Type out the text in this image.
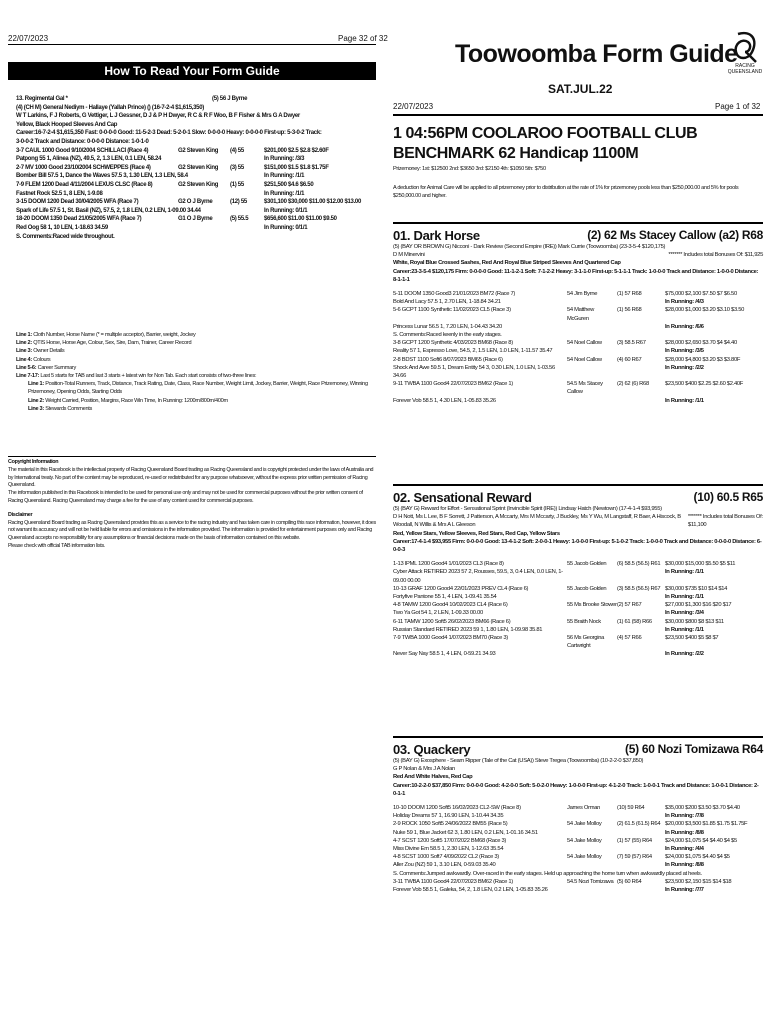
22/07/2023	Page 32 of 32
How To Read Your Form Guide
13. Regimental Gal *	(5) 56 J Byrne
(4) (CH M) General Nediym - Hallaye (Yallah Prince) () (16-7-2-4 $1,615,350)
W T Larkins, F J Roberts, G Vettiger, L J Gessner, D J & P H Dwyer, R C & R F Woo, B F Fisher & Mrs G A Dwyer
Yellow, Black Hooped Sleeves And Cap
Career:16-7-2-4 $1,615,350 Fast: 0-0-0-0 Good: 11-5-2-3 Dead: 5-2-0-1 Slow: 0-0-0-0 Heavy: 0-0-0-0 First-up: 5-3-0-2 Track:
3-0-0-2 Track and Distance: 0-0-0-0 Distance: 1-0-1-0
3-7 CAUL 1000 Good 9/10/2004 SCHILLACI (Race 4)	G2 Steven King	(4) 55	$201,000 $2.5 $2.8 $2.60F
Patpong 55 1, Alinea (NZ), 49.5, 2, 1.3 LEN, 0.1 LEN, 58.24	In Running: /3/3
2-7 MV 1000 Good 23/10/2004 SCHWEPPES (Race 4)	G2 Steven King	(3) 55	$151,000 $1.5 $1.8 $1.75F
Bomber Bill 57.5 1, Dance the Waves 57.5 3, 1.30 LEN, 1.3 LEN, 58.4	In Running: /1/1
7-9 FLEM 1200 Dead 4/11/2004 LEXUS CLSC (Race 8)	G2 Steven King	(1) 55	$251,500 $4.6 $6.50
Fastnet Rock 52.5 1, 8 LEN, 1-9.08	In Running: /1/1
3-15 DOOM 1200 Dead 30/04/2005 WFA (Race 7)	G2 O J Byrne	(12) 55	$301,100 $30,000 $11.00 $12.00 $13.00
Spark of Life 57.5 1, St. Basil (NZ), 57.5, 2, 1.8 LEN, 0.2 LEN, 1-09.00 34.44	In Running: 0/1/1
18-20 DOOM 1350 Dead 21/05/2005 WFA (Race 7)	G1 O J Byrne	(5) 55.5	$656,600 $11.00 $11.00 $9.50
Red Oog 58 1, 10 LEN, 1-18.63 34.59	In Running: 0/1/1
S. Comments:Raced wide throughout.
Line 1: Cloth Number, Horse Name (* = multiple acceptor), Barrier, weight, Jockey
Line 2: QTIS Horse, Horse Age, Colour, Sex, Sire, Dam, Trainer, Career Record
Line 3: Owner Details
Line 4: Colours
Line 5-6: Career Summary
Line 7-17: Last 5 starts for TAB and last 3 starts + latest win for Non Tab. Each start consists of two-three lines:
Line 1: Position-Total Runners, Track, Distance, Track Rating, Date, Class, Race Number, Weight Limit, Jockey, Barrier, Weight, Race Prizemoney, Winning Prizemoney, Opening Odds, Starting Odds
Line 2: Weight Carried, Position, Margins, Race Win Time, In Running: 1200m/800m/400m
Line 3: Stewards Comments
Copyright Information
The material in this Racebook is the intellectual property of Racing Queensland Board trading as Racing Queensland and is copyright protected under the laws of Australia and by International treaty. No part of the content may be reproduced, re-used or redistributed for any purpose whatsoever, without the express prior written permission of Racing Queensland.
The information published in this Racebook is intended to be used for personal use only and may not be used for commercial purposes without the prior written consent of Racing Queensland. Racing Queensland may charge a fee for the use of any content used for commercial purposes.
Disclaimer
Racing Queensland Board trading as Racing Queensland provides this as a service to the racing industry and has taken care in compiling this race information, however, it does not warrant its accuracy and will not be held liable for errors and omissions in the information provided. The information is provided for entertainment purposes only and Racing Queensland accepts no responsibility for any assumptions or financial decisions made on the basis of information contained on this website.
Please check with official TAB information lists.
Toowoomba Form Guide
RACING QUEENSLAND
SAT.JUL.22
22/07/2023	Page 1 of 32
1 04:56PM COOLAROO FOOTBALL CLUB BENCHMARK 62 Handicap 1100M
Prizemoney: 1st: $12500 2nd: $3650 3rd: $2150 4th: $1050 5th: $750
A deduction for Animal Care will be applied to all prizemoney prior to distribution at the rate of 1% for prizemoney pools less than $250,000.00 and 5% for pools $250,000.00 and higher.
01. Dark Horse	(2) 62 Ms Stacey Callow (a2) R68
(5) (BAY OR BROWN G) Nicconi - Dark Review (Second Empire (IRE)) Mark Currie (Toowoomba) (23-3-5-4 $120,175)
D M Minervini	******* Includes total Bonuses Of: $11,925
White, Royal Blue Crossed Sashes, Red And Royal Blue Striped Sleeves And Quartered Cap
Career:23-3-5-4 $120,175 Firm: 0-0-0-0 Good: 11-1-2-1 Soft: 7-1-2-2 Heavy: 3-1-1-0 First-up: 5-1-1-1 Track: 1-0-0-0 Track and Distance: 1-0-0-0 Distance: 8-1-1-1
5-11 DOOM 1350 Good3 21/01/2023 BM72 (Race 7)	54 Jim Byrne	(1) 57 R68	$75,000 $2,100 $7.50 $7 $6.50
Bold And Lacy 57.5 1, 2.70 LEN, 1-18.84 34.21	In Running: /4/3
5-6 GCPT 1100 Synthetic 11/02/2023 CL5 (Race 3)	54 Matthew McGuren
(1) 56 R68	$28,000 $1,000 $3.20 $3.10 $3.50
Princess Lunar 56.5 1, 7.20 LEN, 1-04.43 34.20	In Running: /6/6
S. Comments:Raced keenly in the early stages.
3-8 GCPT 1200 Synthetic 4/03/2023 BM68 (Race 8)	54 Noel Callow	(3) 58.5 R67	$28,000 $2,650 $3.70 $4 $4.40
Reality 57 1, Espresso Love, 54.5, 2, 1.5 LEN, 1.0 LEN, 1-11.57 35.47	In Running: /3/5
2-8 BDST 1100 Soft6 8/07/2023 BM65 (Race 6)	54 Noel Callow	(4) 60 R67	$28,000 $4,800 $3.20 $3 $3.80F
Shock And Awe 59.5 1, Dream Entity 54 3, 0.30 LEN, 1.0 LEN, 1-03.56 34.66
In Running: /2/2
9-11 TWBA 1100 Good4 22/07/2023 BM62 (Race 1)	54.5 Ms Stacey Callow
(2) 62 (6) R68	$23,500 $400 $2.25 $2.60 $2.40F
Forever Vob 58.5 1, 4.30 LEN, 1-05.83 35.26	In Running: /1/1
02. Sensational Reward	(10) 60.5 R65
(5) (BAY G) Reward for Effort - Sensational Sprint (Invincible Spirit (IRE)) Lindsay Hatch (Newtown) (17-4-1-4 $93,955)
D H Nott, Ms L Lee, B F Sorrett, J Patterson, A Mccarty, Mrs M Mccarty, J Buckley, Ms Y Wu, M Langstaff, R Baer, A Hiscock, B Woodall, N Willis & Mrs A L Gleeson
******* Includes total Bonuses Of: $11,100
Red, Yellow Stars, Yellow Sleeves, Red Stars, Red Cap, Yellow Stars
Career:17-4-1-4 $93,955 Firm: 0-0-0-0 Good: 13-4-1-2 Soft: 2-0-0-1 Heavy: 1-0-0-0 First-up: 5-1-0-2 Track: 1-0-0-0 Track and Distance: 0-0-0-0 Distance: 6-0-0-3
1-13 IPML 1200 Good4 1/01/2023 CL3 (Race 8)	55 Jacob Golden	(6) 58.5 (56.5) R61 $30,000 $15,000 $5.50 $5 $11
Cyber Attack RETIRED 2023 57 2, Rousses, 59.5, 3, 0.4 LEN, 0.0 LEN, 1-09.00 00.00
In Running: /1/1
10-13 GRAF 1200 Good4 22/01/2023 PREV CL4 (Race 6)	55 Jacob Golden	(3) 58.5 (56.5) R67 $30,000 $735 $10 $14 $14
Fortyfive Pantone 55 1, 4 LEN, 1-09.41 35.54	In Running: /1/1
4-8 TAMW 1200 Good4 10/02/2023 CL4 (Race 6)	55 Ms Brooke Stower (2) 57 R67	$27,000 $1,300 $16 $20 $17
Two Ya Got 54 1, 2 LEN, 1-09.33 00.00	In Running: /3/4
6-11 TAMW 1200 Soft5 26/02/2023 BM66 (Race 6)	55 Braith Nock	(1) 61 (58) R66	$30,000 $800 $8 $13 $11
Russian Standard RETIRED 2023 59 1, 1.80 LEN, 1-09.98 35.81	In Running: /1/1
7-9 TWBA 1000 Good4 1/07/2023 BM70 (Race 3)	56 Ms Georgina Cartwright
(4) 57 R66	$23,500 $400 $5 $8 $7
Never Say Nay 58.5 1, 4 LEN, 0-59.21 34.93	In Running: /2/2
03. Quackery	(5) 60 Nozi Tomizawa R64
(5) (BAY G) Exosphere - Seam Ripper (Tale of the Cat (USA)) Steve Tregea (Toowoomba) (10-2-2-0 $37,850)
G P Nolan & Mrs J A Nolan
Red And White Halves, Red Cap
Career:10-2-2-0 $37,850 Firm: 0-0-0-0 Good: 4-2-0-0 Soft: 5-0-2-0 Heavy: 1-0-0-0 First-up: 4-1-2-0 Track: 1-0-0-1 Track and Distance: 1-0-0-1 Distance: 2-0-1-1
10-10 DOOM 1200 Soft5 16/02/2023 CL2-SW (Race 8)	James Orman	(10) 59 R64	$35,000 $200 $3.50 $3.70 $4.40
Holiday Dreams 57 1, 16.90 LEN, 1-10.44 34.35	In Running: /7/8
2-9 ROCK 1050 Soft5 24/06/2022 BM55 (Race 5)	54 Jake Molloy	(2) 61.5 (61.5) R64 $20,000 $3,500 $1.85 $1.75 $1.75F
Nuke 59 1, Blue Jacket 62 3, 1.80 LEN, 0.2 LEN, 1-01.16 34.51	In Running: /8/8
4-7 SCST 1200 Soft5 17/07/2022 BM68 (Race 3)	54 Jake Molloy	(1) 57 (55) R64	$24,000 $1,075 $4 $4.40 $4 $5
Miss Divine Em 58.5 1, 2.30 LEN, 1-12.63 35.54	In Running: /4/4
4-8 SCST 1000 Soft7 4/09/2022 CL2 (Race 3)	54 Jake Molloy	(7) 59 (57) R64	$24,000 $1,075 $4.40 $4 $5
Aller Zou (NZ) 59 1, 3.10 LEN, 0-59.03 35.40	In Running: /8/8
S. Comments:Jumped awkwardly. Over-raced in the early stages. Held up approaching the home turn when awkwardly placed at heels.
3-11 TWBA 1100 Good4 22/07/2023 BM62 (Race 1)	54.5 Nozi Tomizawa (5) 60 R64	$23,500 $2,150 $15 $14 $18
Forever Vob 58.5 1, Galeka, 54, 2, 1.8 LEN, 0.2 LEN, 1-05.83 35.26	In Running: /7/7
